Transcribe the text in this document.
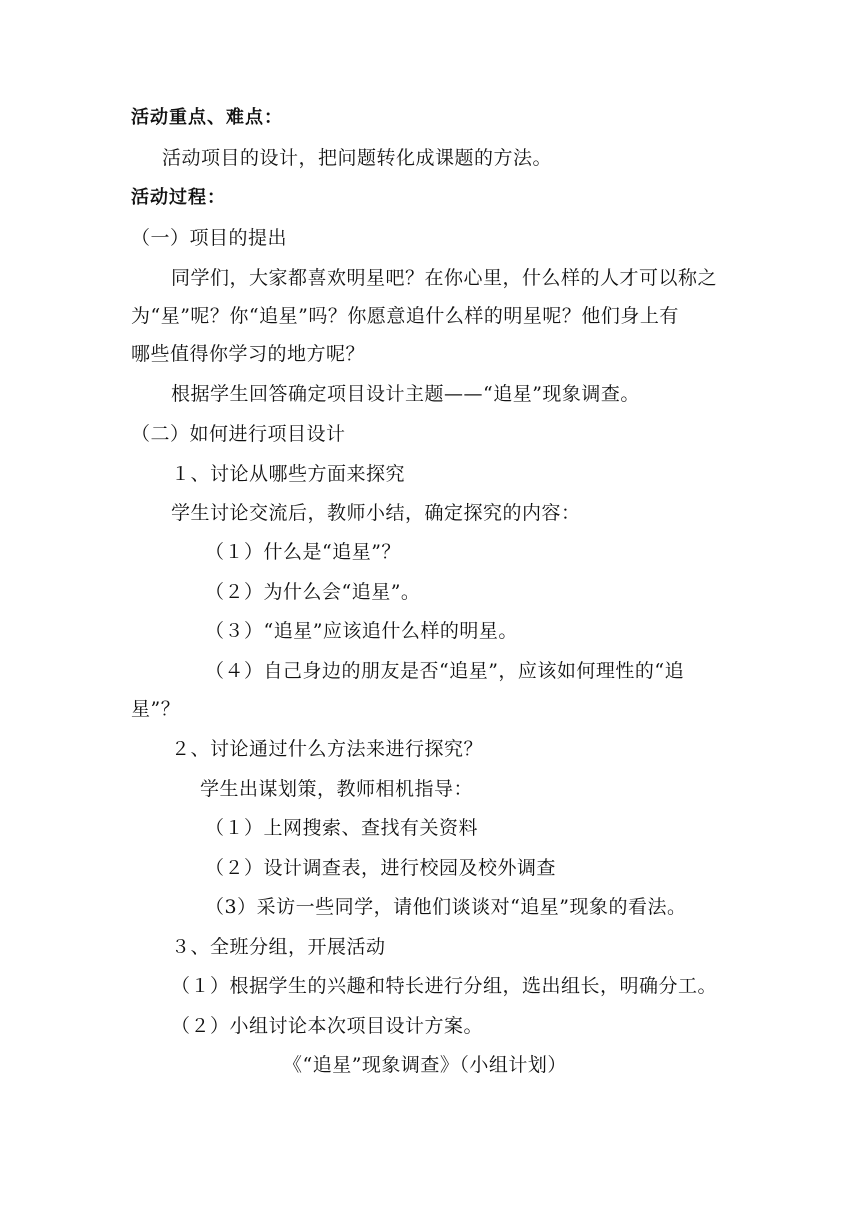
活动重点、难点：
活动项目的设计，把问题转化成课题的方法。
活动过程：
（一）项目的提出
同学们，大家都喜欢明星吧？在你心里，什么样的人才可以称之
为“星”呢？你“追星”吗？你愿意追什么样的明星呢？他们身上有
哪些值得你学习的地方呢？
根据学生回答确定项目设计主题——“追星”现象调查。
（二）如何进行项目设计
１、讨论从哪些方面来探究
学生讨论交流后，教师小结，确定探究的内容：
（１）什么是“追星”？
（２）为什么会“追星”。
（３）“追星”应该追什么样的明星。
（４）自己身边的朋友是否“追星”，应该如何理性的“追
星”？
２、讨论通过什么方法来进行探究？
学生出谋划策，教师相机指导：
（１）上网搜索、查找有关资料
（２）设计调查表，进行校园及校外调查
（3）采访一些同学，请他们谈谈对“追星”现象的看法。
３、全班分组，开展活动
（１）根据学生的兴趣和特长进行分组，选出组长，明确分工。
（２）小组讨论本次项目设计方案。
《“追星”现象调查》（小组计划）
